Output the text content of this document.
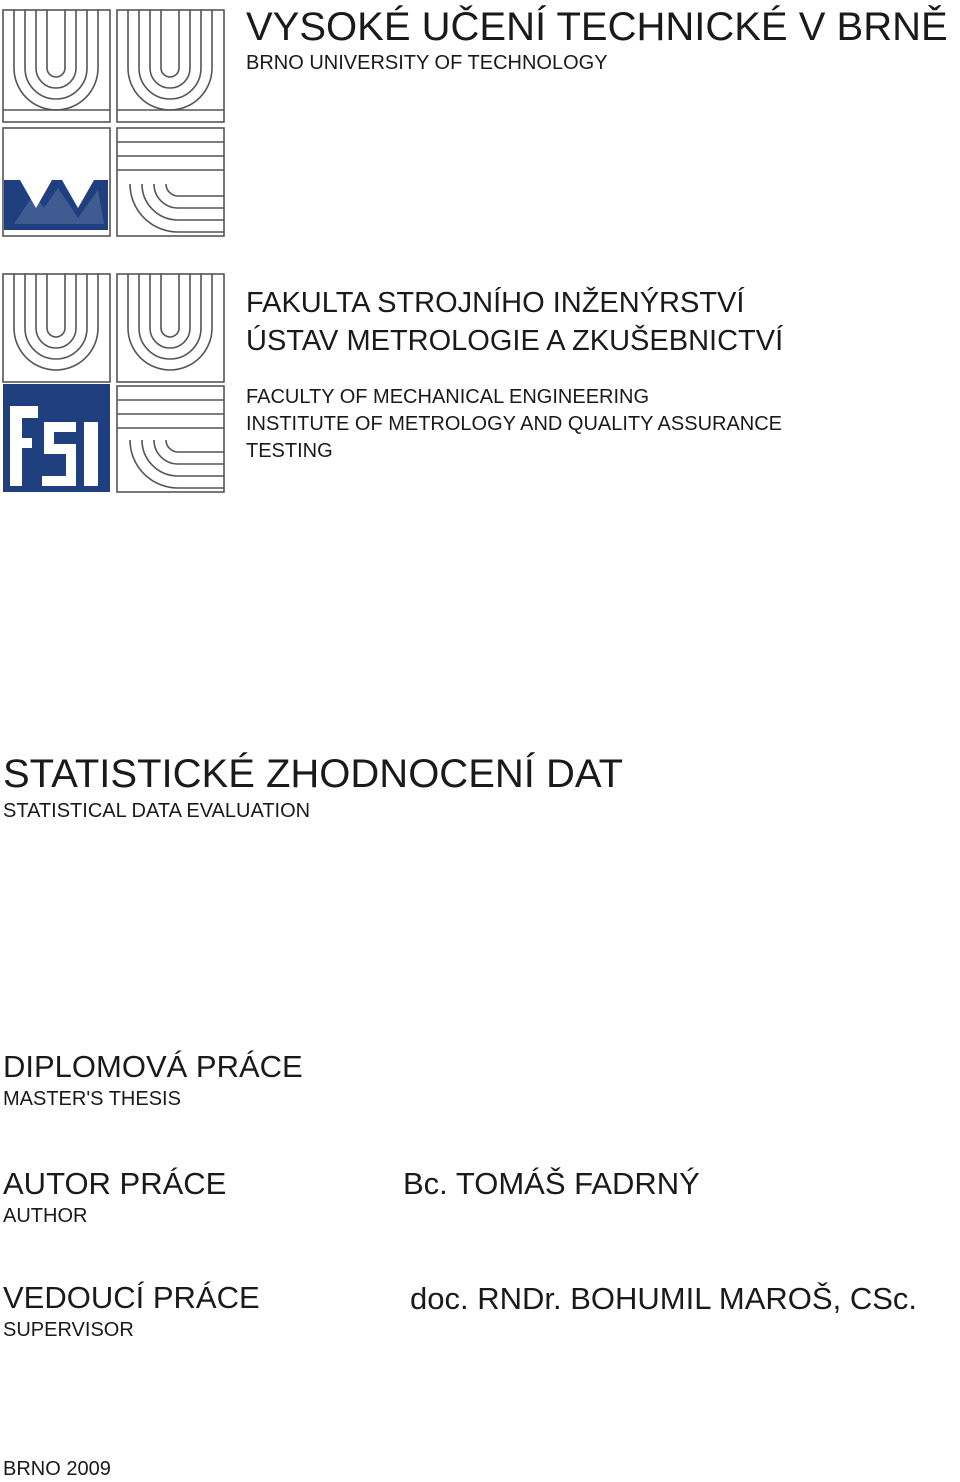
VYSOKÉ UČENÍ TECHNICKÉ V BRNĚ
BRNO UNIVERSITY OF TECHNOLOGY
FAKULTA STROJNÍHO INŽENÝRSTVÍ
ÚSTAV METROLOGIE A ZKUŠEBNICTVÍ
FACULTY OF MECHANICAL ENGINEERING
INSTITUTE OF METROLOGY AND QUALITY ASSURANCE
TESTING
STATISTICKÉ ZHODNOCENÍ DAT
STATISTICAL DATA EVALUATION
DIPLOMOVÁ PRÁCE
MASTER'S THESIS
AUTOR PRÁCE
AUTHOR
Bc. TOMÁŠ FADRNÝ
VEDOUCÍ PRÁCE
SUPERVISOR
doc. RNDr. BOHUMIL MAROŠ, CSc.
BRNO 2009
